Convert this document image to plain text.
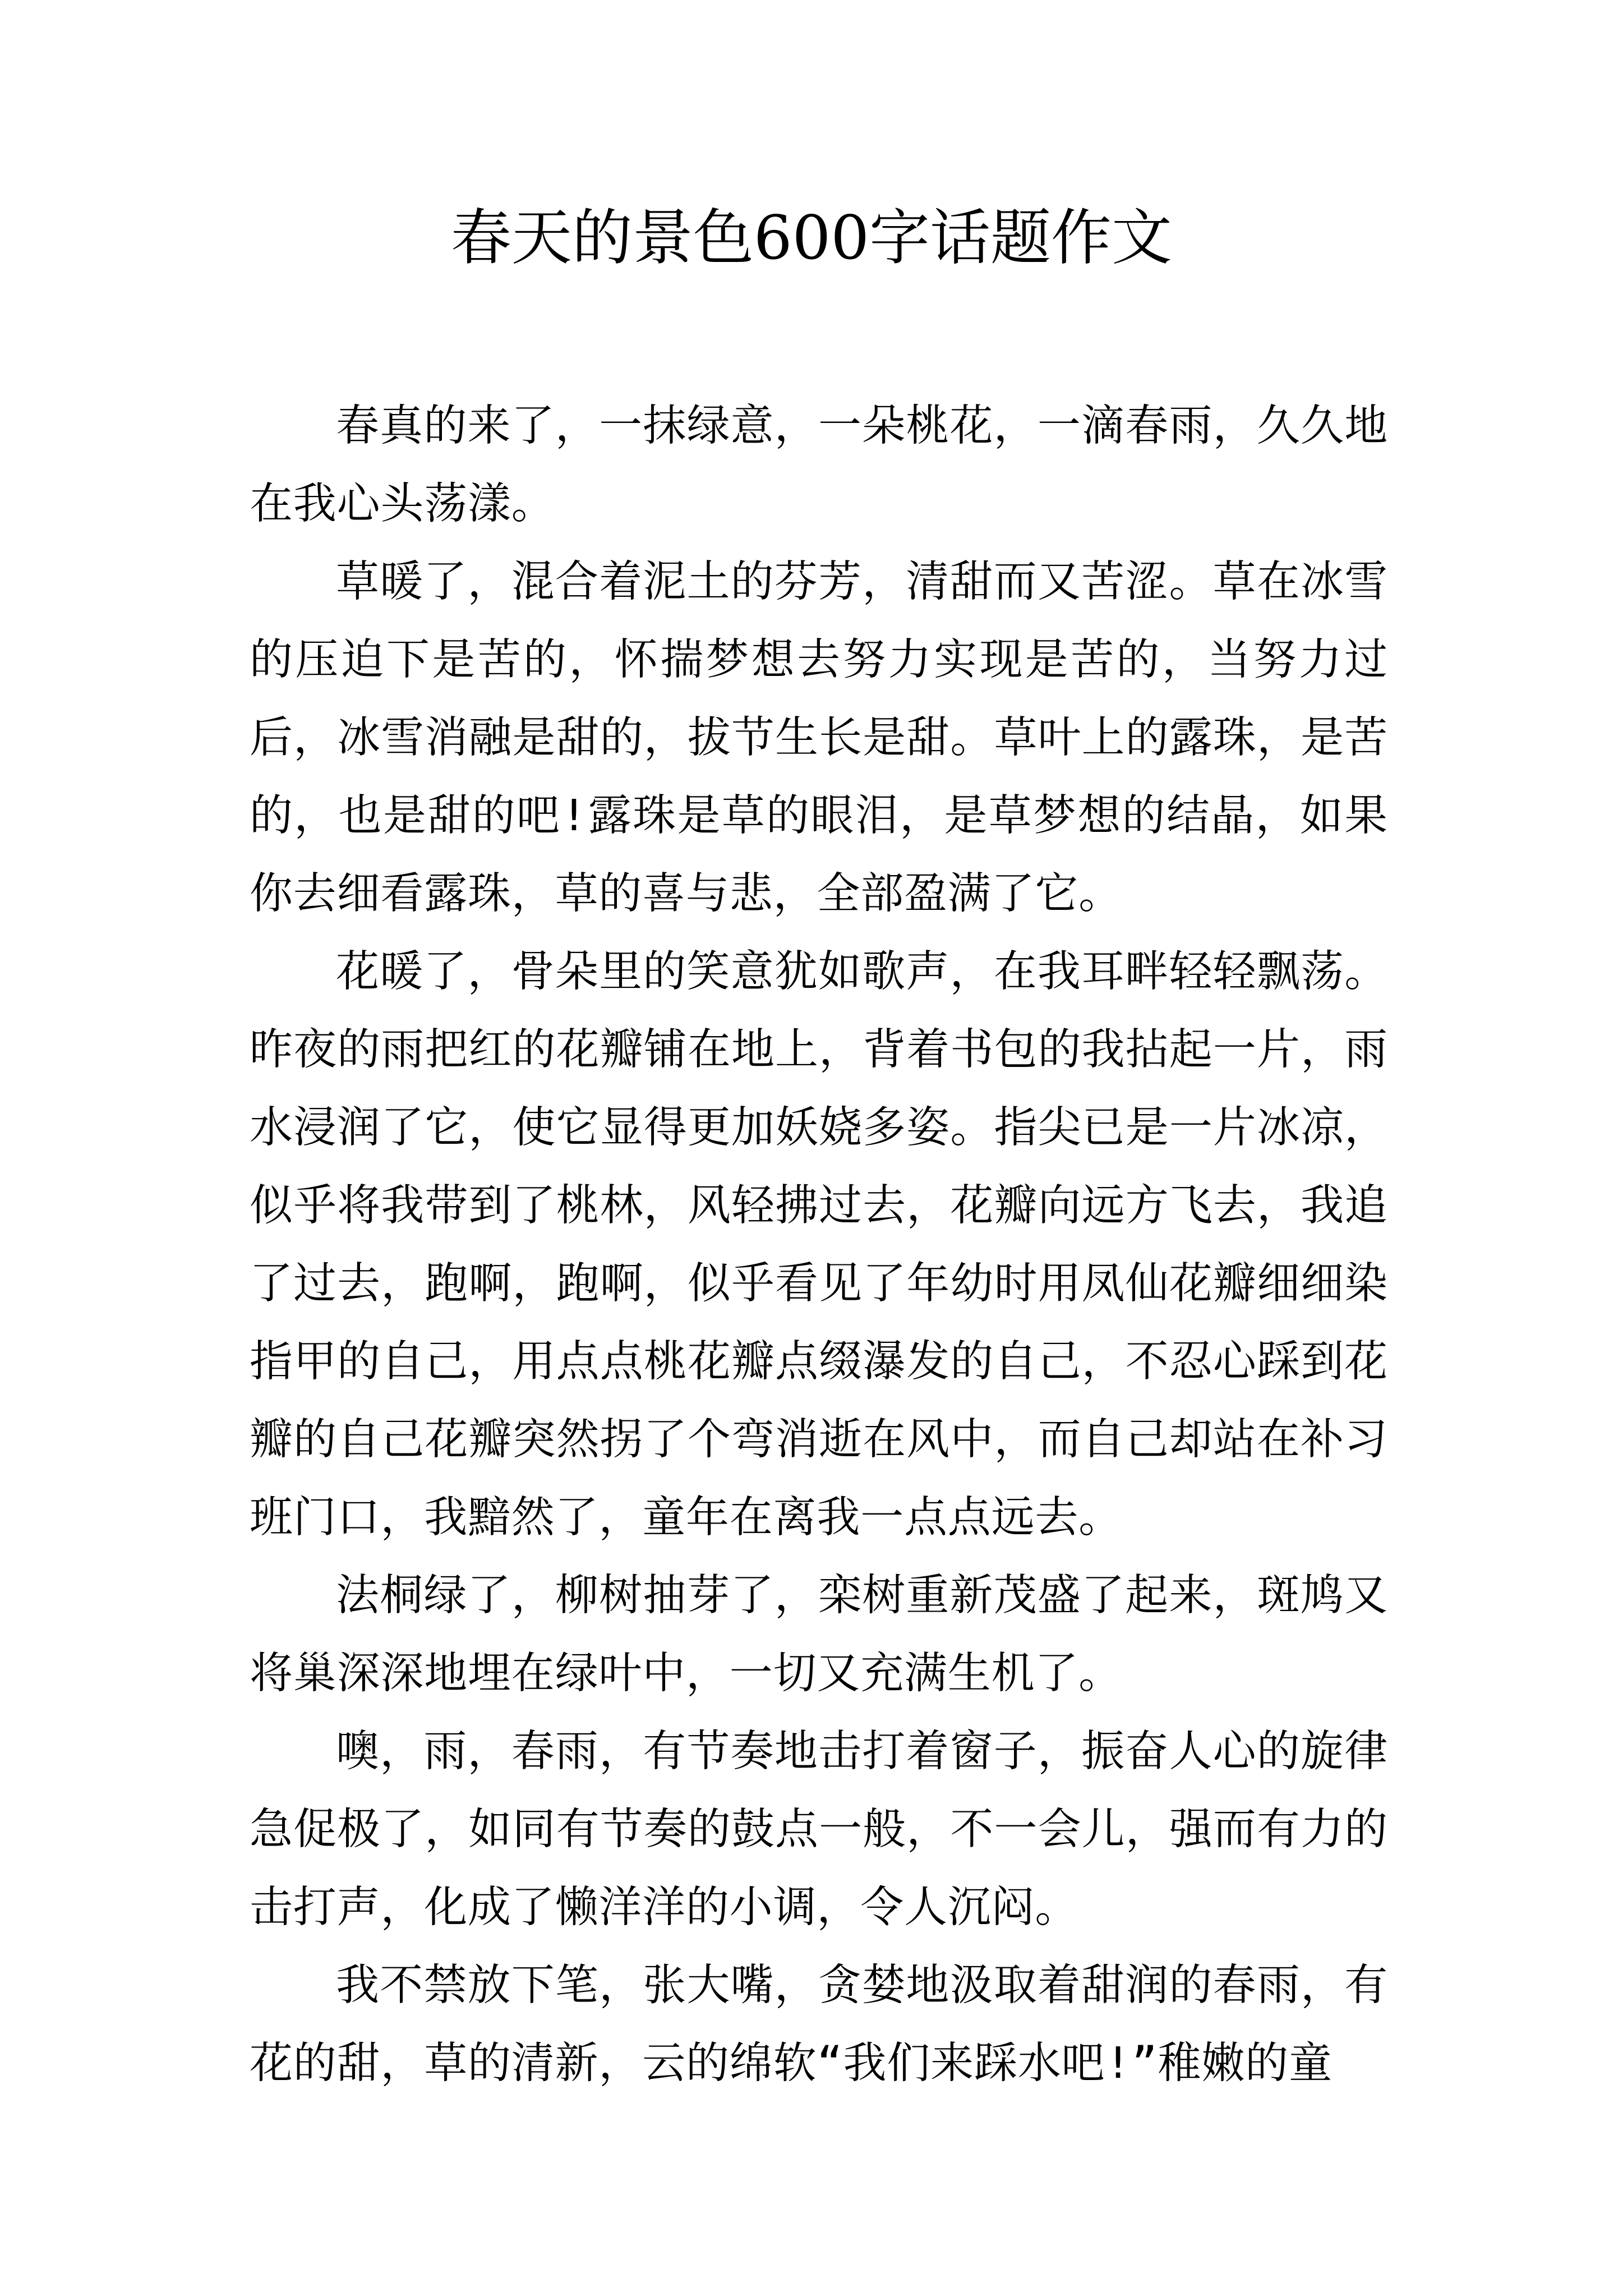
春天的景色600字话题作文

春真的来了，一抹绿意，一朵桃花，一滴春雨，久久地在我心头荡漾。

草暖了，混合着泥土的芬芳，清甜而又苦涩。草在冰雪的压迫下是苦的，怀揣梦想去努力实现是苦的，当努力过后，冰雪消融是甜的，拔节生长是甜。草叶上的露珠，是苦的，也是甜的吧!露珠是草的眼泪，是草梦想的结晶，如果你去细看露珠，草的喜与悲，全部盈满了它。

花暖了，骨朵里的笑意犹如歌声，在我耳畔轻轻飘荡。昨夜的雨把红的花瓣铺在地上，背着书包的我拈起一片，雨水浸润了它，使它显得更加妖娆多姿。指尖已是一片冰凉，似乎将我带到了桃林，风轻拂过去，花瓣向远方飞去，我追了过去，跑啊，跑啊，似乎看见了年幼时用凤仙花瓣细细染指甲的自己，用点点桃花瓣点缀瀑发的自己，不忍心踩到花瓣的自己花瓣突然拐了个弯消逝在风中，而自己却站在补习班门口，我黯然了，童年在离我一点点远去。

法桐绿了，柳树抽芽了，栾树重新茂盛了起来，斑鸠又将巢深深地埋在绿叶中，一切又充满生机了。

噢，雨，春雨，有节奏地击打着窗子，振奋人心的旋律急促极了，如同有节奏的鼓点一般，不一会儿，强而有力的击打声，化成了懒洋洋的小调，令人沉闷。

我不禁放下笔，张大嘴，贪婪地汲取着甜润的春雨，有花的甜，草的清新，云的绵软“我们来踩水吧!”稚嫩的童
